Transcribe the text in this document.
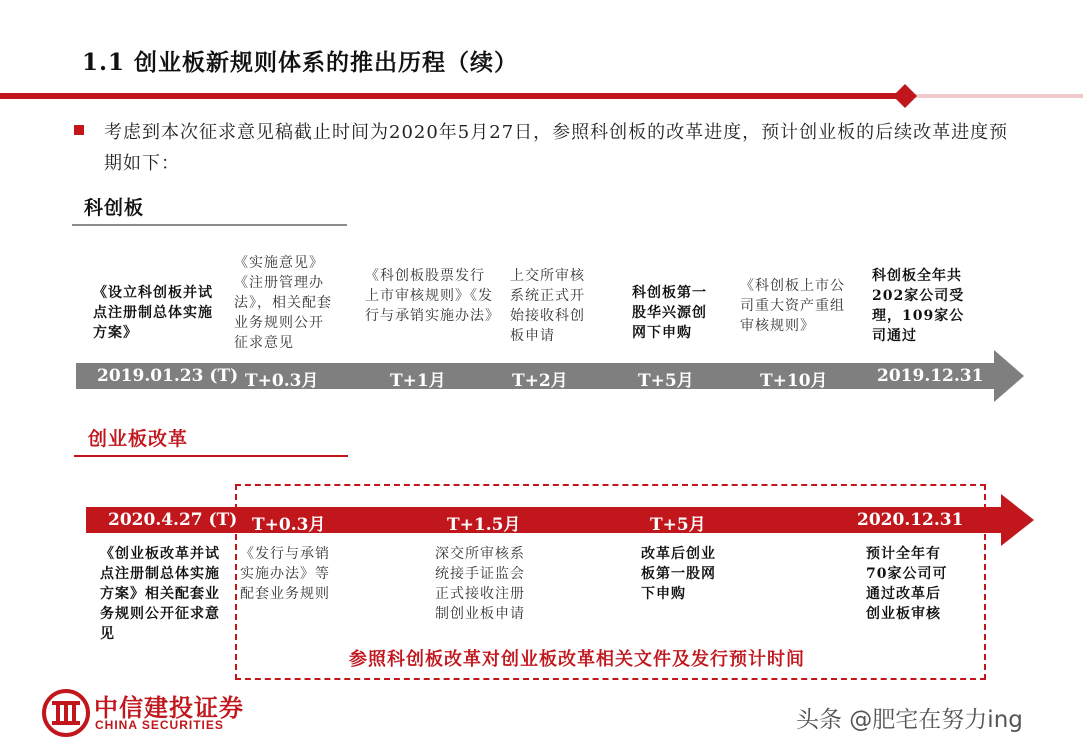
1.1 创业板新规则体系的推出历程（续）
考虑到本次征求意见稿截止时间为2020年5月27日，参照科创板的改革进度，预计创业板的后续改革进度预期如下：
科创板
《设立科创板并试点注册制总体实施方案》
《实施意见》《注册管理办法》，相关配套业务规则公开征求意见
《科创板股票发行上市审核规则》《发行与承销实施办法》
上交所审核系统正式开始接收科创板申请
科创板第一股华兴源创网下申购
《科创板上市公司重大资产重组审核规则》
科创板全年共202家公司受理，109家公司通过
2019.01.23 (T) T+0.3月	T+1月	T+2月	T+5月	T+10月	2019.12.31
创业板改革
2020.4.27 (T) T+0.3月	T+1.5月	T+5月	2020.12.31
《创业板改革并试点注册制总体实施方案》相关配套业务规则公开征求意见
《发行与承销实施办法》等配套业务规则
深交所审核系统接手证监会正式接收注册制创业板申请
改革后创业板第一股网下申购
预计全年有70家公司可通过改革后创业板审核
参照科创板改革对创业板改革相关文件及发行预计时间
中信建投证券
CHINA SECURITIES	头条 @肥宅在努力ing
